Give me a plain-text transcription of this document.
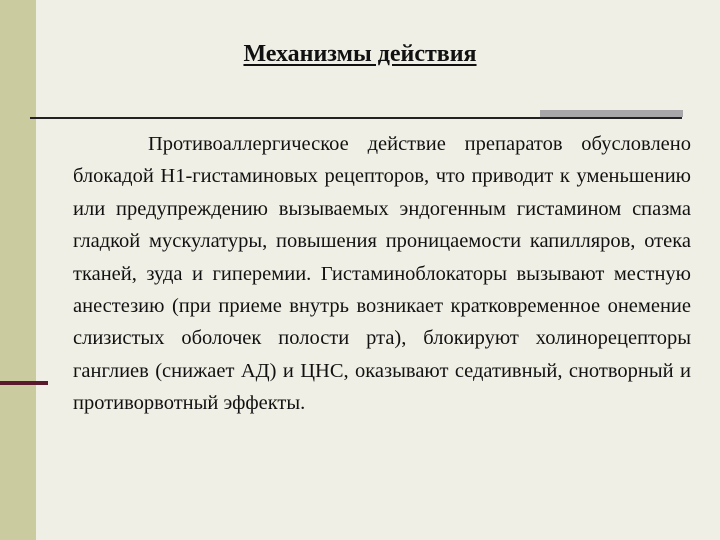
Механизмы действия

Противоаллергическое действие препаратов обусловлено блокадой Н1-гистаминовых рецепторов, что приводит к уменьшению или предупреждению вызываемых эндогенным гистамином спазма гладкой мускулатуры, повышения проницаемости капилляров, отека тканей, зуда и гиперемии. Гистаминоблокаторы вызывают местную анестезию (при приеме внутрь возникает кратковременное онемение слизистых оболочек полости рта), блокируют холинорецепторы ганглиев (снижает АД) и ЦНС, оказывают седативный, снотворный и противорвотный эффекты.
